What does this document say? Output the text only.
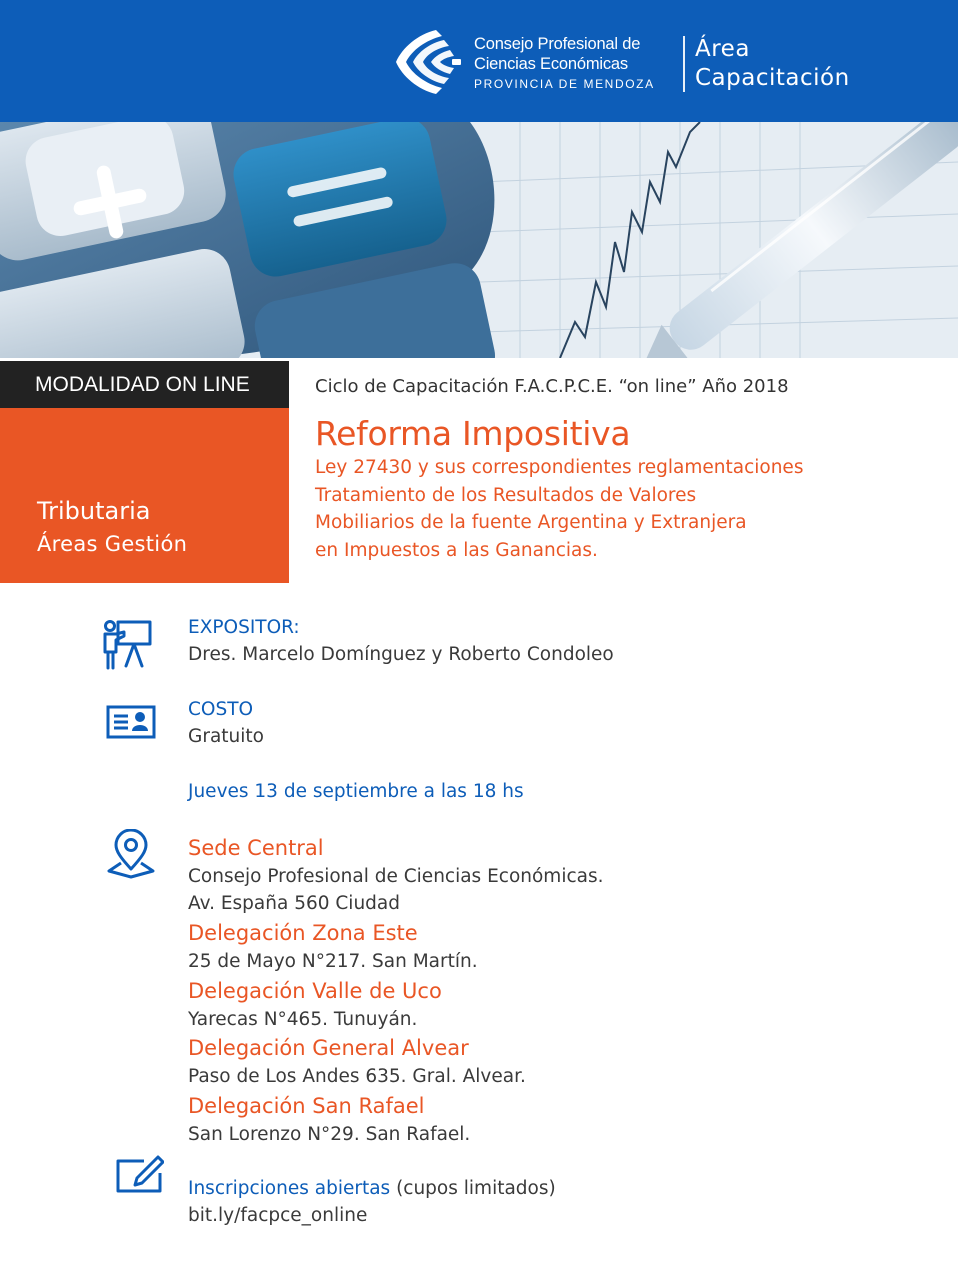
Consejo Profesional de
Ciencias Económicas
PROVINCIA DE MENDOZA
Área
Capacitación
MODALIDAD ON LINE
Tributaria
Áreas Gestión
Ciclo de Capacitación F.A.C.P.C.E. “on line” Año 2018
Reforma Impositiva
Ley 27430 y sus correspondientes reglamentaciones
Tratamiento de los Resultados de Valores
Mobiliarios de la fuente Argentina y Extranjera
en Impuestos a las Ganancias.
EXPOSITOR:
Dres. Marcelo Domínguez y Roberto Condoleo
COSTO
Gratuito
Jueves 13 de septiembre a las 18 hs
Sede Central
Consejo Profesional de Ciencias Económicas.
Av. España 560 Ciudad
Delegación Zona Este
25 de Mayo N°217. San Martín.
Delegación Valle de Uco
Yarecas N°465. Tunuyán.
Delegación General Alvear
Paso de Los Andes 635. Gral. Alvear.
Delegación San Rafael
San Lorenzo N°29. San Rafael.
Inscripciones abiertas (cupos limitados)
bit.ly/facpce_online
